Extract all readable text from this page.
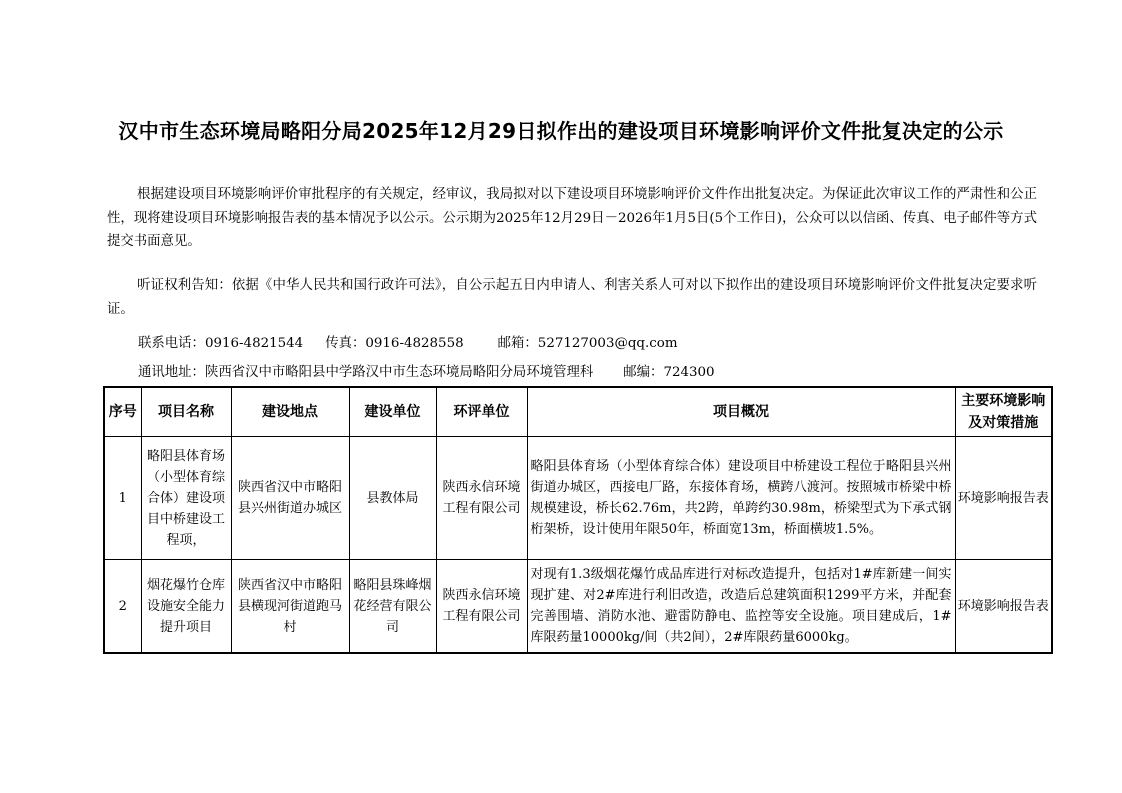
汉中市生态环境局略阳分局2025年12月29日拟作出的建设项目环境影响评价文件批复决定的公示
根据建设项目环境影响评价审批程序的有关规定，经审议，我局拟对以下建设项目环境影响评价文件作出批复决定。为保证此次审议工作的严肃性和公正性，现将建设项目环境影响报告表的基本情况予以公示。公示期为2025年12月29日－2026年1月5日(5个工作日)，公众可以以信函、传真、电子邮件等方式提交书面意见。
听证权利告知：依据《中华人民共和国行政许可法》，自公示起五日内申请人、利害关系人可对以下拟作出的建设项目环境影响评价文件批复决定要求听证。
联系电话：0916-4821544 传真：0916-4828558	邮箱：527127003@qq.com
通讯地址：陕西省汉中市略阳县中学路汉中市生态环境局略阳分局环境管理科 邮编：724300
序号	项目名称	建设地点	建设单位	环评单位	项目概况	主要环境影响及对策措施
1	略阳县体育场（小型体育综合体）建设项目中桥建设工程项，	陕西省汉中市略阳县兴州街道办城区	县教体局	陕西永信环境工程有限公司	略阳县体育场（小型体育综合体）建设项目中桥建设工程位于略阳县兴州街道办城区，西接电厂路，东接体育场，横跨八渡河。按照城市桥梁中桥规模建设，桥长62.76m，共2跨，单跨约30.98m，桥梁型式为下承式钢桁架桥，设计使用年限50年，桥面宽13m，桥面横坡1.5%。	环境影响报告表
2	烟花爆竹仓库设施安全能力提升项目	陕西省汉中市略阳县横现河街道跑马村	略阳县珠峰烟花经营有限公司	陕西永信环境工程有限公司	对现有1.3级烟花爆竹成品库进行对标改造提升，包括对1#库新建一间实现扩建、对2#库进行利旧改造，改造后总建筑面积1299平方米，并配套完善围墙、消防水池、避雷防静电、监控等安全设施。项目建成后，1#库限药量10000kg/间（共2间），2#库限药量6000kg。	环境影响报告表
